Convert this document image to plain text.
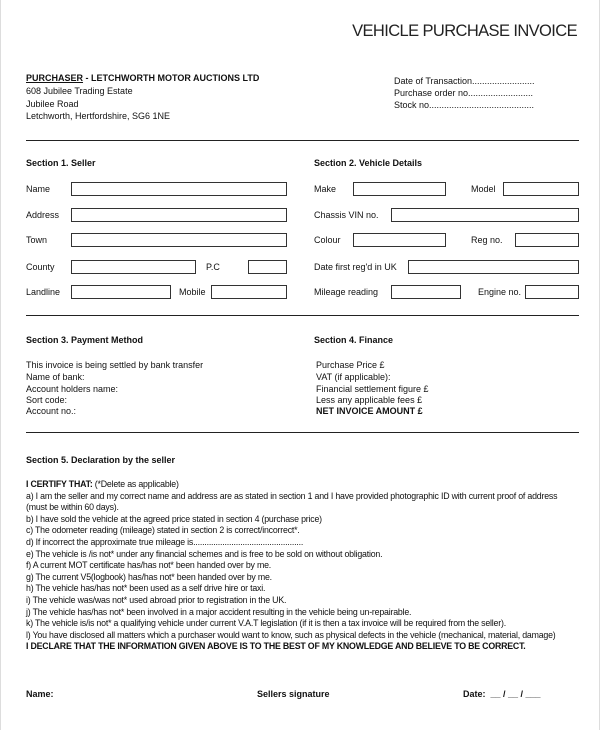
VEHICLE PURCHASE INVOICE
PURCHASER - LETCHWORTH MOTOR AUCTIONS LTD
608 Jubilee Trading Estate
Jubilee Road
Letchworth, Hertfordshire, SG6 1NE
Date of Transaction.........................
Purchase order no..........................
Stock no..........................................
Section 1. Seller
Name
Address
Town
County	P.C
Landline	Mobile
Section 2. Vehicle Details
Make	Model
Chassis VIN no.
Colour	Reg no.
Date first reg'd in UK
Mileage reading	Engine no.
Section 3. Payment Method
This invoice is being settled by bank transfer
Name of bank:
Account holders name:
Sort code:
Account no.:
Section 4. Finance
Purchase Price £
VAT (if applicable):
Financial settlement figure £
Less any applicable fees £
NET INVOICE AMOUNT £
Section 5. Declaration by the seller
I CERTIFY THAT: (*Delete as applicable)
a) I am the seller and my correct name and address are as stated in section 1 and I have provided photographic ID with current proof of address (must be within 60 days).
b) I have sold the vehicle at the agreed price stated in section 4 (purchase price)
c) The odometer reading (mileage) stated in section 2 is correct/incorrect*.
d) If incorrect the approximate true mileage is.................................................
e) The vehicle is /is not* under any financial schemes and is free to be sold on without obligation.
f) A current MOT certificate has/has not* been handed over by me.
g) The current V5(logbook) has/has not* been handed over by me.
h) The vehicle has/has not* been used as a self drive hire or taxi.
i) The vehicle was/was not* used abroad prior to registration in the UK.
j) The vehicle has/has not* been involved in a major accident resulting in the vehicle being un-repairable.
k) The vehicle is/is not* a qualifying vehicle under current V.A.T legislation (if it is then a tax invoice will be required from the seller).
l) You have disclosed all matters which a purchaser would want to know, such as physical defects in the vehicle (mechanical, material, damage)
I DECLARE THAT THE INFORMATION GIVEN ABOVE IS TO THE BEST OF MY KNOWLEDGE AND BELIEVE TO BE CORRECT.
Name:	Sellers signature	Date:  __ / __ / ___
